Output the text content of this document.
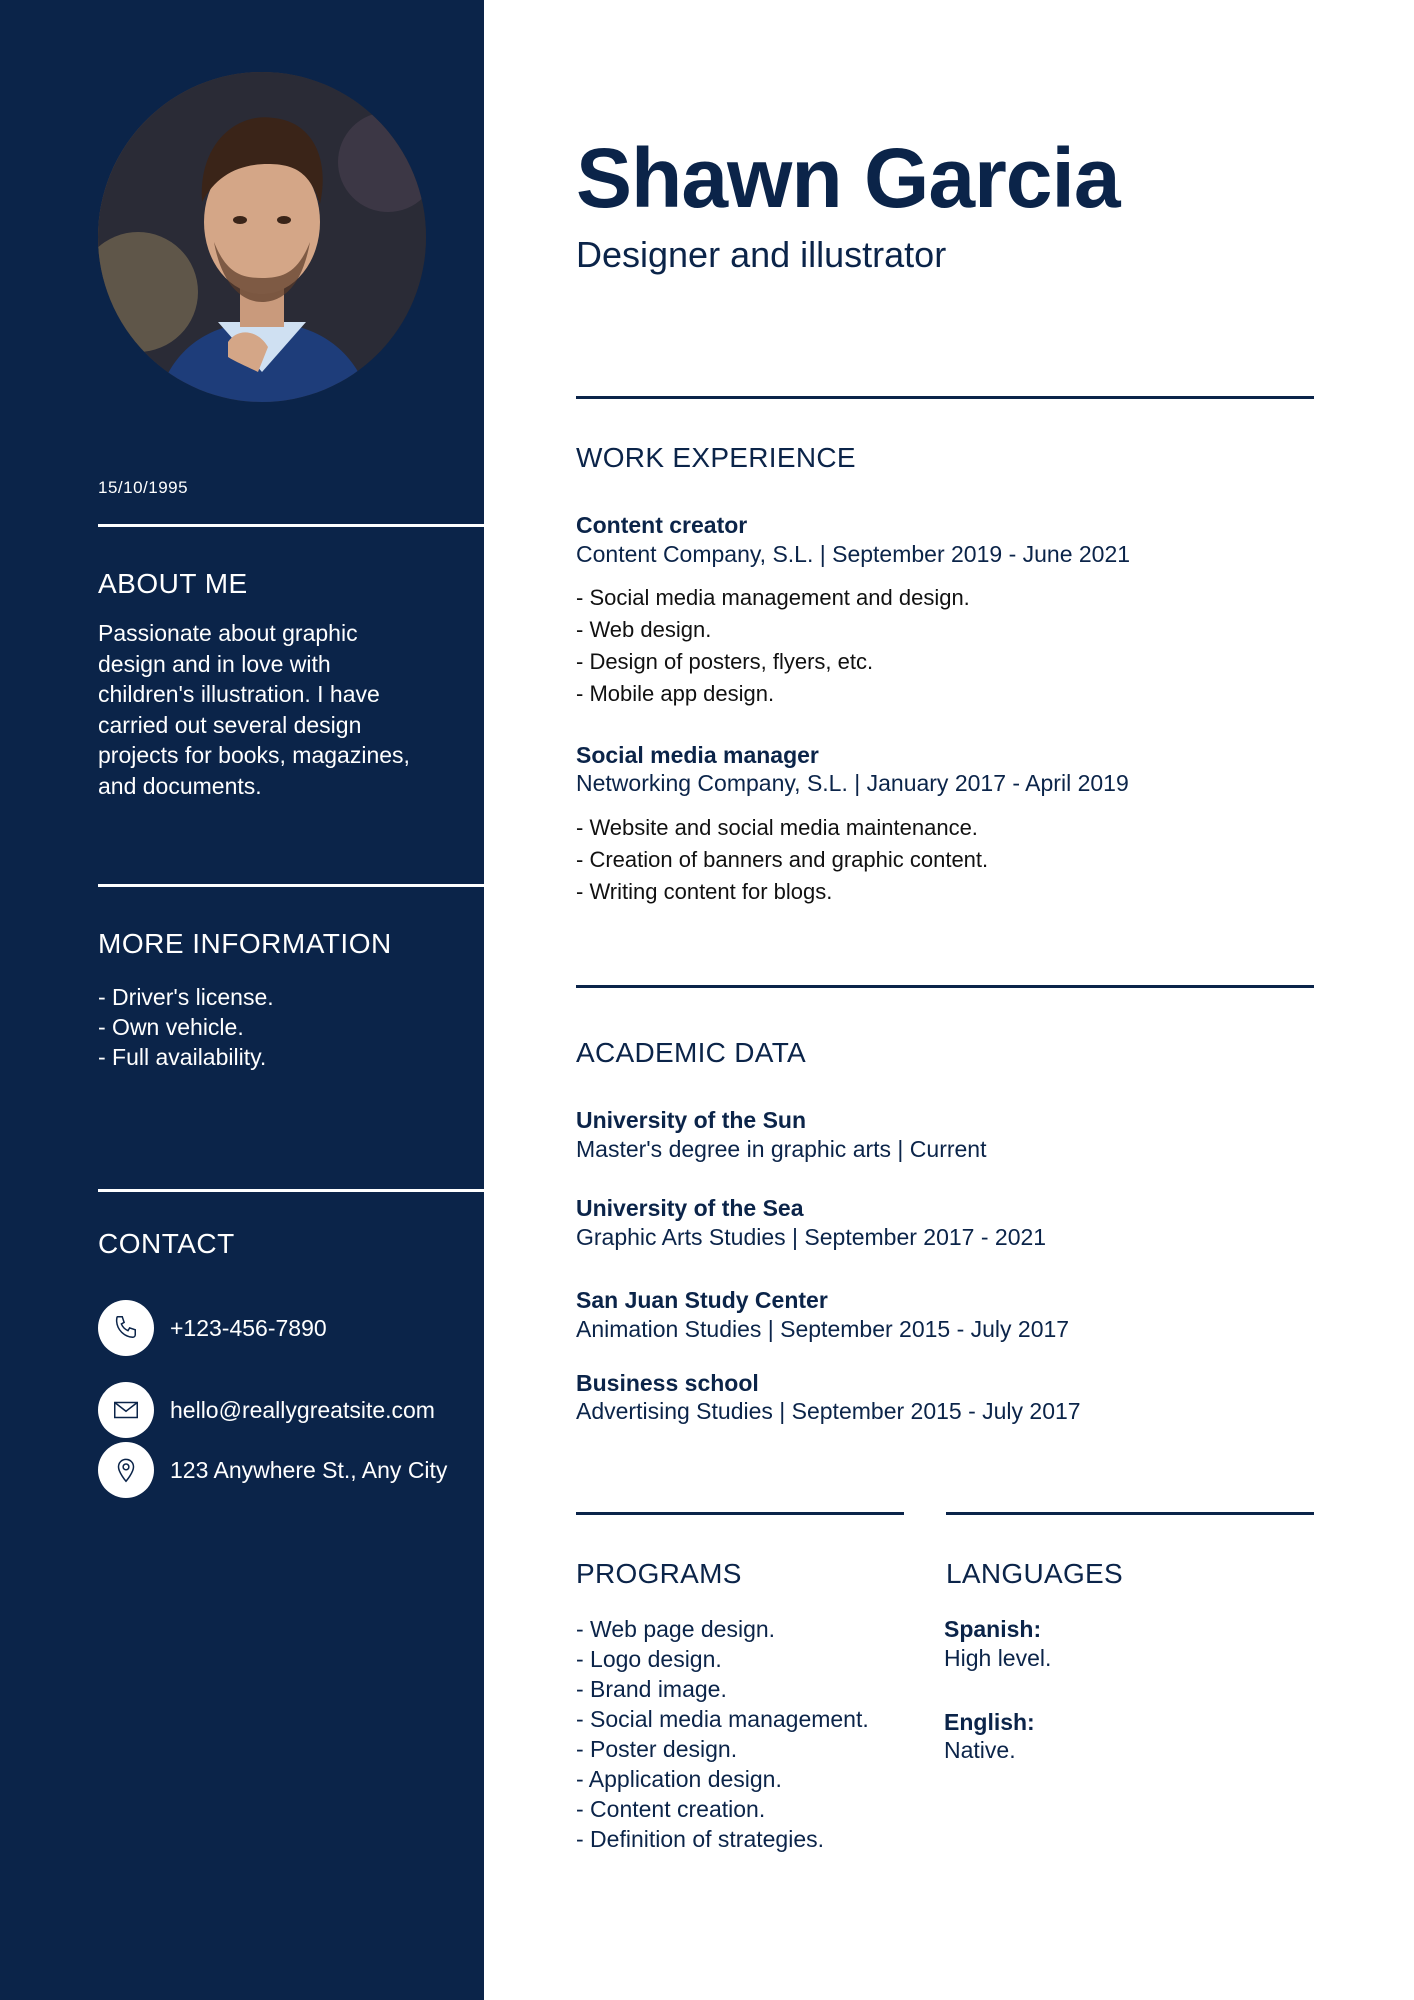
15/10/1995
ABOUT ME
Passionate about graphic design and in love with children's illustration. I have carried out several design projects for books, magazines, and documents.
MORE INFORMATION
- Driver's license.
- Own vehicle.
- Full availability.
CONTACT
+123-456-7890
hello@reallygreatsite.com
123 Anywhere St., Any City
Shawn Garcia
Designer and illustrator
WORK EXPERIENCE
Content creator
Content Company, S.L. | September 2019 - June 2021
- Social media management and design.
- Web design.
- Design of posters, flyers, etc.
- Mobile app design.
Social media manager
Networking Company, S.L. | January 2017 - April 2019
- Website and social media maintenance.
- Creation of banners and graphic content.
- Writing content for blogs.
ACADEMIC DATA
University of the Sun
Master's degree in graphic arts | Current
University of the Sea
Graphic Arts Studies | September 2017 - 2021
San Juan Study Center
Animation Studies | September 2015 - July 2017
Business school
Advertising Studies | September 2015 - July 2017
PROGRAMS	LANGUAGES
- Web page design.
- Logo design.
- Brand image.
- Social media management.
- Poster design.
- Application design.
- Content creation.
- Definition of strategies.
Spanish:
High level.
English:
Native.
